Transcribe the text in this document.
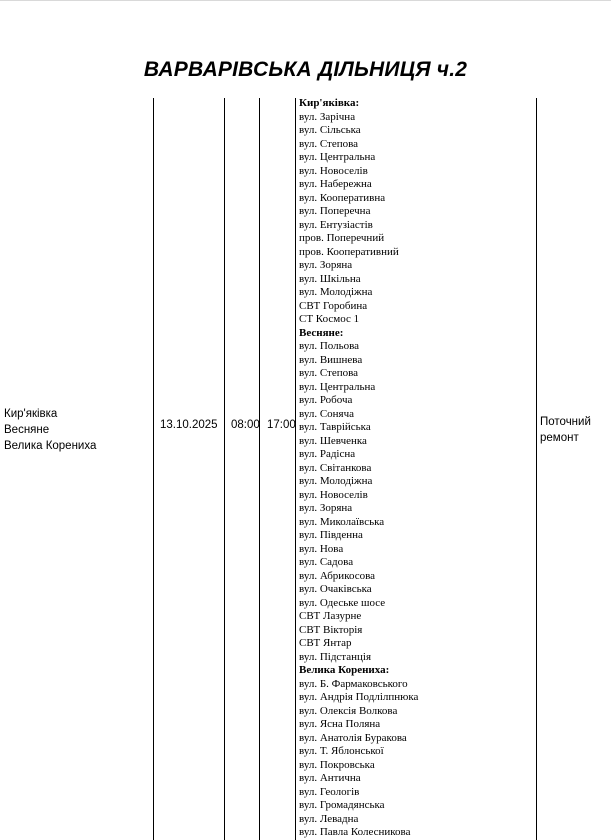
ВАРВАРІВСЬКА ДІЛЬНИЦЯ ч.2
Кир'яківка
Весняне
Велика Корениха
13.10.2025 08:00 17:00
Кир'яківка:
вул. Зарічна
вул. Сільська
вул. Степова
вул. Центральна
вул. Новоселів
вул. Набережна
вул. Кооперативна
вул. Поперечна
вул. Ентузіастів
пров. Поперечний
пров. Кооперативний
вул. Зоряна
вул. Шкільна
вул. Молодіжна
СВТ Горобина
СТ Космос 1
Весняне:
вул. Польова
вул. Вишнева
вул. Степова
вул. Центральна
вул. Робоча
вул. Соняча
вул. Таврійська
вул. Шевченка
вул. Радісна
вул. Світанкова
вул. Молодіжна
вул. Новоселів
вул. Зоряна
вул. Миколаївська
вул. Південна
вул. Нова
вул. Садова
вул. Абрикосова
вул. Очаківська
вул. Одеське шосе
СВТ Лазурне
СВТ Вікторія
СВТ Янтар
вул. Підстанція
Велика Корениха:
вул. Б. Фармаковського
вул. Андрія Подлілпнюка
вул. Олексія Волкова
вул. Ясна Поляна
вул. Анатолія Буракова
вул. Т. Яблонської
вул. Покровська
вул. Антична
вул. Геологів
вул. Громадянська
вул. Левадна
вул. Павла Колесникова
Поточний ремонт
